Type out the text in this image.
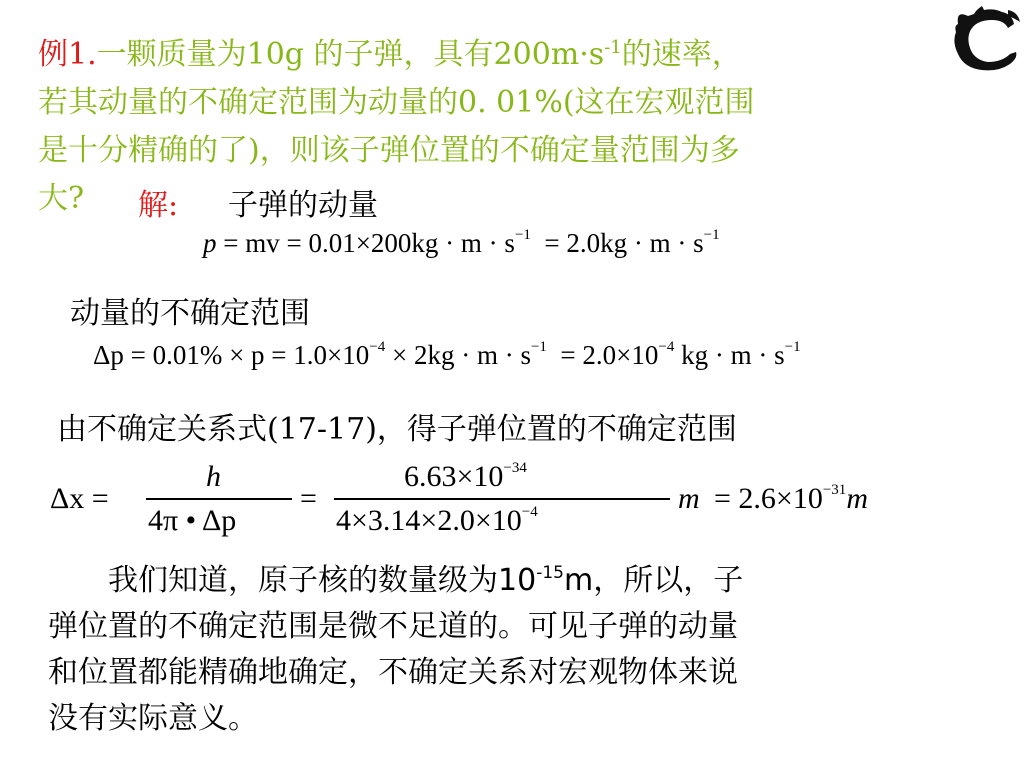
例1.一颗质量为10g 的子弹，具有$200m\cdot s^{-1}$的速率，
若其动量的不确定范围为动量的0. 01%(这在宏观范围
是十分精确的了)，则该子弹位置的不确定量范围为多
大?	解: 子弹的动量
p = mv = $0.01\times 200kg \cdot m \cdot s^{-1} = 2.0kg \cdot m \cdot s^{-1}$
动量的不确定范围
$\Delta p = 0.01\% \times p = 1.0\times 10^{-4} \times 2kg \cdot m \cdot s^{-1} = 2.0\times 10^{-4}$ kg · $m \cdot s^{-1}$
由不确定关系式(17-17)，得子弹位置的不确定范围
Δx =
h
4π • Δp
=
$6.63\times 10^{-34}$
$4\times 3.14\times 2.0\times 10^{-4}$	$m = 2.6\times 10^{-31}m$
  我们知道，原子核的数量级为$10^{-15}m$，所以，子
弹位置的不确定范围是微不足道的。可见子弹的动量
和位置都能精确地确定，不确定关系对宏观物体来说
没有实际意义。
